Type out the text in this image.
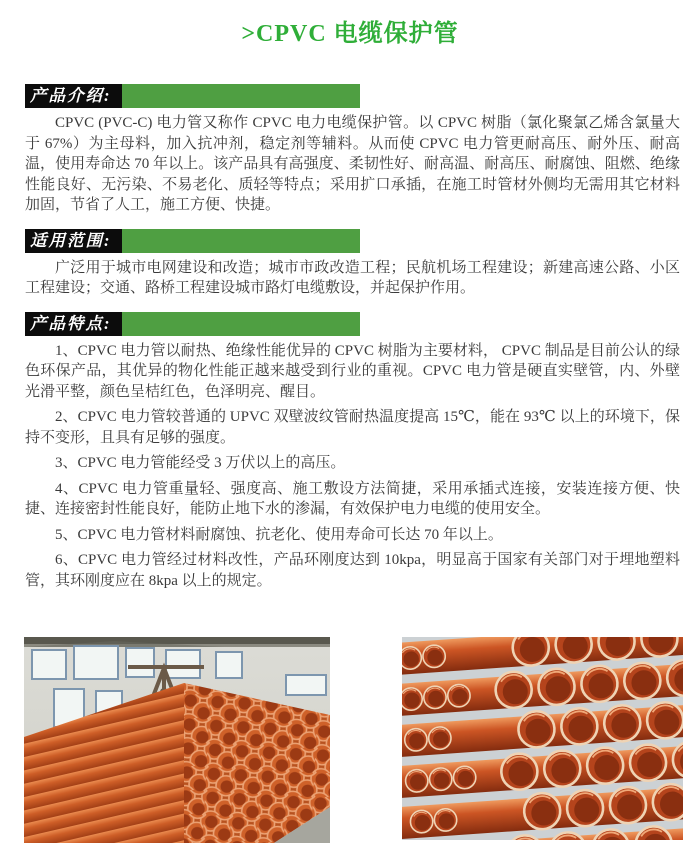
>CPVC 电缆保护管
产品介绍:

CPVC (PVC-C) 电力管又称作 CPVC 电力电缆保护管。以 CPVC 树脂（氯化聚氯乙烯含氯量大于 67%）为主母料，加入抗冲剂，稳定剂等辅料。从而使 CPVC 电力管更耐高压、耐外压、耐高温，使用寿命达 70 年以上。该产品具有高强度、柔韧性好、耐高温、耐高压、耐腐蚀、阻燃、绝缘性能良好、无污染、不易老化、质轻等特点；采用扩口承插，在施工时管材外侧均无需用其它材料加固，节省了人工，施工方便、快捷。

适用范围:

广泛用于城市电网建设和改造；城市市政改造工程；民航机场工程建设；新建高速公路、小区工程建设；交通、路桥工程建设城市路灯电缆敷设，并起保护作用。

产品特点:

1、CPVC 电力管以耐热、绝缘性能优异的 CPVC 树脂为主要材料， CPVC 制品是目前公认的绿色环保产品，其优异的物化性能正越来越受到行业的重视。CPVC 电力管是硬直实壁管，内、外壁光滑平整，颜色呈桔红色，色泽明亮、醒目。

2、CPVC 电力管较普通的 UPVC 双壁波纹管耐热温度提高 15℃，能在 93℃ 以上的环境下，保持不变形，且具有足够的强度。

3、CPVC 电力管能经受 3 万伏以上的高压。

4、CPVC 电力管重量轻、强度高、施工敷设方法简捷，采用承插式连接，安装连接方便、快捷、连接密封性能良好，能防止地下水的渗漏，有效保护电力电缆的使用安全。

5、CPVC 电力管材料耐腐蚀、抗老化、使用寿命可长达 70 年以上。

6、CPVC 电力管经过材料改性，产品环刚度达到 10kpa，明显高于国家有关部门对于埋地塑料管，其环刚度应在 8kpa 以上的规定。
